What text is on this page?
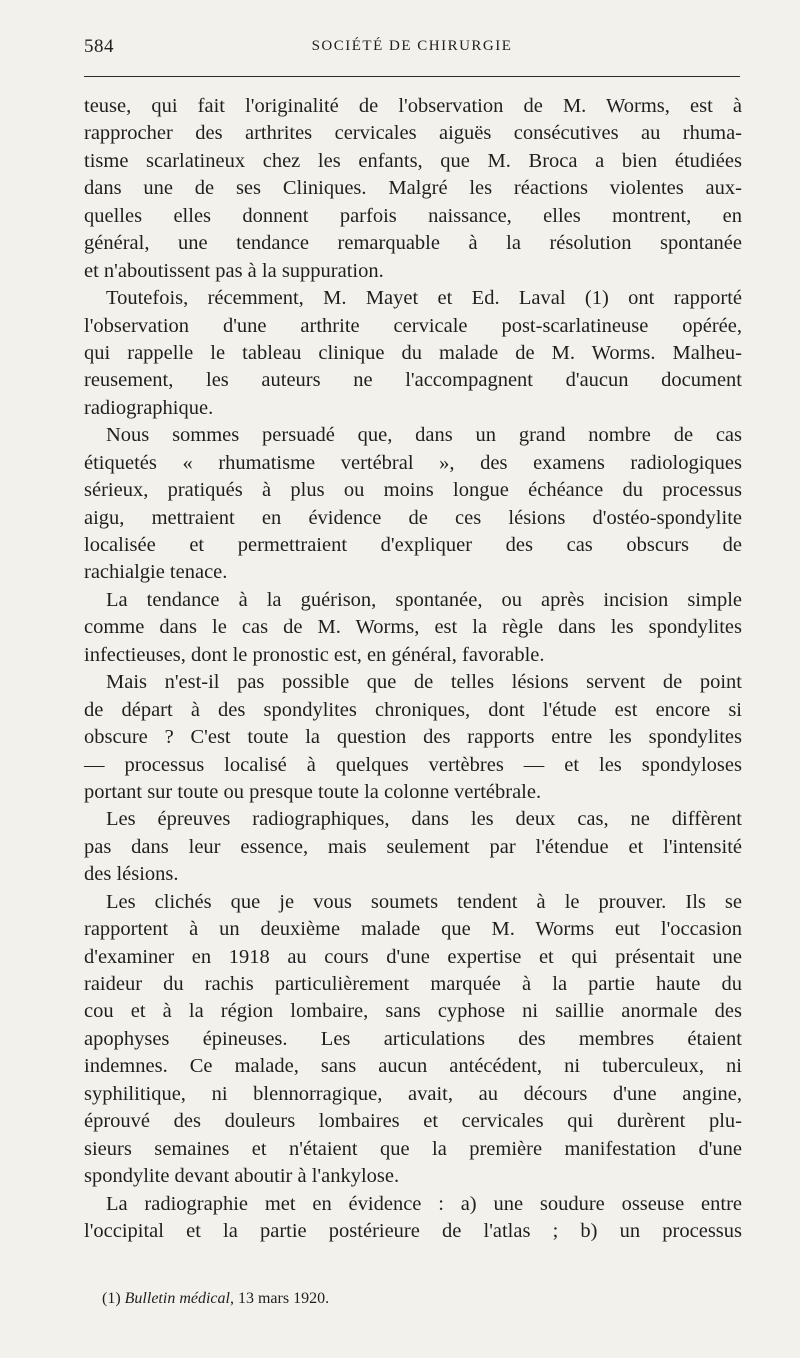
584	SOCIÉTÉ DE CHIRURGIE
teuse, qui fait l'originalité de l'observation de M. Worms, est à
rapprocher des arthrites cervicales aiguës consécutives au rhuma-
tisme scarlatineux chez les enfants, que M. Broca a bien étudiées
dans une de ses Cliniques. Malgré les réactions violentes aux-
quelles elles donnent parfois naissance, elles montrent, en
général, une tendance remarquable à la résolution spontanée
et n'aboutissent pas à la suppuration.
Toutefois, récemment, M. Mayet et Ed. Laval (1) ont rapporté
l'observation d'une arthrite cervicale post-scarlatineuse opérée,
qui rappelle le tableau clinique du malade de M. Worms. Malheu-
reusement, les auteurs ne l'accompagnent d'aucun document
radiographique.
Nous sommes persuadé que, dans un grand nombre de cas
étiquetés « rhumatisme vertébral », des examens radiologiques
sérieux, pratiqués à plus ou moins longue échéance du processus
aigu, mettraient en évidence de ces lésions d'ostéo-spondylite
localisée et permettraient d'expliquer des cas obscurs de
rachialgie tenace.
La tendance à la guérison, spontanée, ou après incision simple
comme dans le cas de M. Worms, est la règle dans les spondylites
infectieuses, dont le pronostic est, en général, favorable.
Mais n'est-il pas possible que de telles lésions servent de point
de départ à des spondylites chroniques, dont l'étude est encore si
obscure ? C'est toute la question des rapports entre les spondylites
— processus localisé à quelques vertèbres — et les spondyloses
portant sur toute ou presque toute la colonne vertébrale.
Les épreuves radiographiques, dans les deux cas, ne diffèrent
pas dans leur essence, mais seulement par l'étendue et l'intensité
des lésions.
Les clichés que je vous soumets tendent à le prouver. Ils se
rapportent à un deuxième malade que M. Worms eut l'occasion
d'examiner en 1918 au cours d'une expertise et qui présentait une
raideur du rachis particulièrement marquée à la partie haute du
cou et à la région lombaire, sans cyphose ni saillie anormale des
apophyses épineuses. Les articulations des membres étaient
indemnes. Ce malade, sans aucun antécédent, ni tuberculeux, ni
syphilitique, ni blennorragique, avait, au décours d'une angine,
éprouvé des douleurs lombaires et cervicales qui durèrent plu-
sieurs semaines et n'étaient que la première manifestation d'une
spondylite devant aboutir à l'ankylose.
La radiographie met en évidence : a) une soudure osseuse entre
l'occipital et la partie postérieure de l'atlas ; b) un processus
(1) Bulletin médical, 13 mars 1920.
